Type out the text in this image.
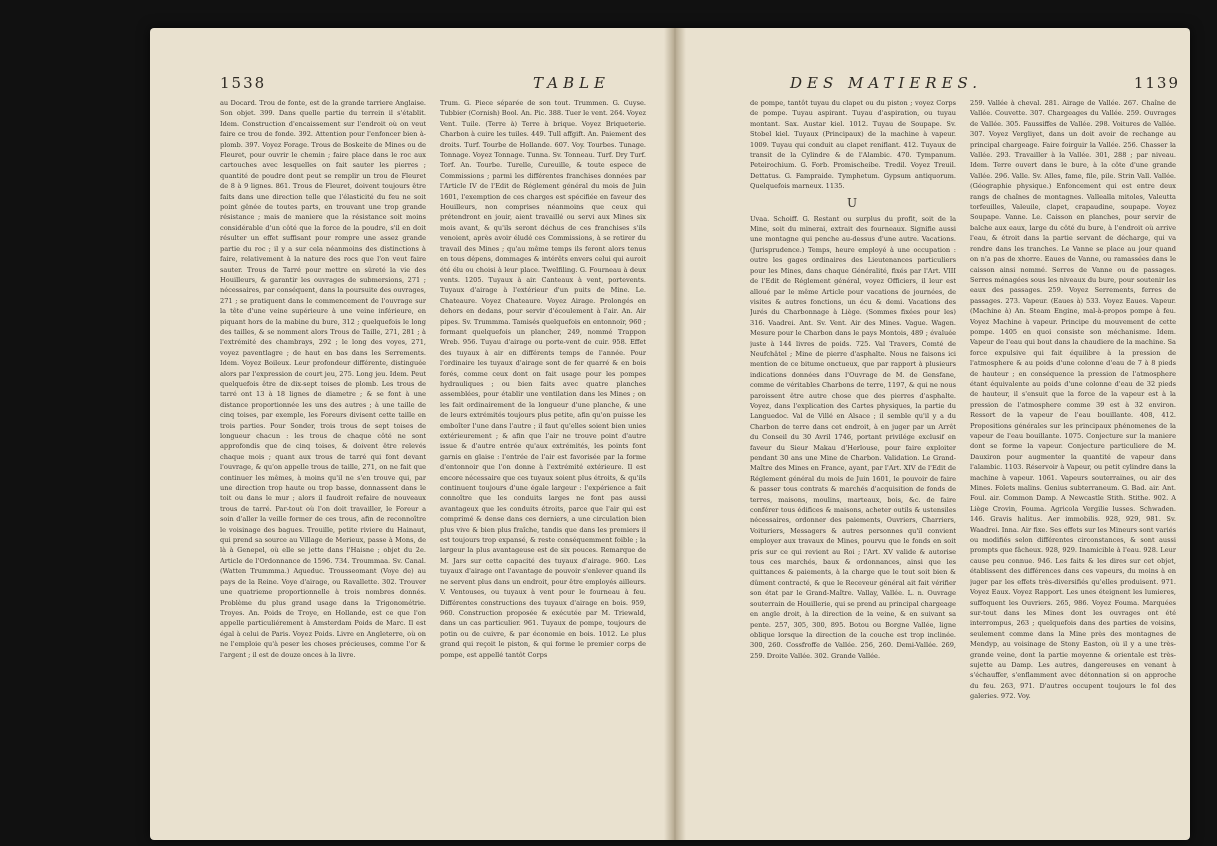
1538	TABLE

au Docard. Trou de fonte, est de la grande tarriere Anglaise. Son objet. 399. Dans quelle partie du terrein il s'établit. Idem. Construction d'encaissement sur l'endroit où on veut faire ce trou de fonde. 392. Attention pour l'enfoncer bien à-plomb. 397. Voyez Forage. Trous de Boskeite de Mines ou de Fleuret, pour ouvrir le chemin ; faire place dans le roc aux cartouches avec lesquelles on fait sauter les pierres ; quantité de poudre dont peut se remplir un trou de Fleuret de 8 à 9 lignes. 861. Trous de Fleuret, doivent toujours être faits dans une direction telle que l'élasticité du feu ne soit point gênée de toutes parts, en trouvant une trop grande résistance ; mais de maniere que la résistance soit moins considérable d'un côté que la force de la poudre, s'il en doit résulter un effet suffisant pour rompre une assez grande partie du roc ; il y a sur cela néanmoins des distinctions à faire, relativement à la nature des rocs que l'on veut faire sauter. Trous de Tarré pour mettre en sûreté la vie des Houilleurs, & garantir les ouvrages de submersions, 271 ; nécessaires, par conséquent, dans la poursuite des ouvrages, 271 ; se pratiquent dans le commencement de l'ouvrage sur la tête d'une veine supérieure à une veine inférieure, en piquant hors de la mabine du bure, 312 ; quelquefois le long des tailles, & se nomment alors Trous de Taille, 271, 281 ; à l'extrémité des chambrays, 292 ; le long des voyes, 271, voyez paventlagre ; de haut en bas dans les Serrements. Idem. Voyez Boileux. Leur profondeur différente, distinguée alors par l'expression de court jeu, 275. Long jeu. Idem. Peut quelquefois être de dix-sept toises de plomb. Les trous de tarré ont 13 à 18 lignes de diametre ; & se font à une distance proportionnée les uns des autres ; à une taille de cinq toises, par exemple, les Foreurs divisent cette taille en trois parties. Pour Sonder, trois trous de sept toises de longueur chacun : les trous de chaque côté ne sont approfondis que de cinq toises, & doivent être relevés chaque mois ; quant aux trous de tarré qui font devant l'ouvrage, & qu'on appelle trous de taille, 271, on ne fait que continuer les mêmes, à moins qu'il ne s'en trouve qui, par une direction trop haute ou trop basse, donnassent dans le toit ou dans le mur ; alors il faudroit refaire de nouveaux trous de tarré. Par-tout où l'on doit travailler, le Foreur a soin d'aller la veille former de ces trous, afin de reconnoître le voisinage des bagues. Trouille, petite riviere du Hainaut, qui prend sa source au Village de Merieux, passe à Mons, de là à Genepel, où elle se jette dans l'Haisne ; objet du 2e. Article de l'Ordonnance de 1596. 734. Troummaa. Sv. Canal. (Watten Trummma.) Aqueduc. Trousseomant (Voye de) au pays de la Reine. Voye d'airage, ou Ravallette. 302. Trouver une quatrieme proportionnelle à trois nombres donnés. Problème du plus grand usage dans la Trigonométrie. Troyes. An. Poids de Troye, en Hollande, est ce que l'on appelle particuliérement à Amsterdam Poids de Marc. Il est égal à celui de Paris. Voyez Poids. Livre en Angleterre, où on ne l'emploie qu'à peser les choses précieuses, comme l'or & l'argent ; il est de douze onces à la livre.

Trum. G. Piece séparée de son tout. Trummen. G. Cuyse. Tubbier (Cornish) Bool. An. Pic. 388. Tuer le vent. 264. Voyez Vent. Tuile. (Terre à) Terre à brique. Voyez Briqueterie. Charbon à cuire les tuiles. 449. Tull affgift. An. Paiement des droits. Turf. Tourbe de Hollande. 607. Voy. Tourbes. Tunage. Tonnage. Voyez Tonnage. Tunna. Sv. Tonneau. Turf. Dry Turf. Torf. An. Tourbe. Turelle, Cureuille, & toute espece de Commissions ; parmi les différentes franchises données par l'Article IV de l'Edit de Réglement général du mois de Juin 1601, l'exemption de ces charges est spécifiée en faveur des Houilleurs, non comprises néanmoins que ceux qui prétendront en jouir, aient travaillé ou servi aux Mines six mois avant, & qu'ils seront déchus de ces franchises s'ils venoient, après avoir éludé ces Commissions, à se retirer du travail des Mines ; qu'au même temps ils feront alors tenus en tous dépens, dommages & intérêts envers celui qui auroit été élu ou choisi à leur place. Twelfiling. G. Fourneau à deux vents. 1205. Tuyaux à air. Canteaux à vent, portevents. Tuyaux d'airage à l'extérieur d'un puits de Mine. Le. Chateaure. Voyez Chateaure. Voyez Airage. Prolongés en dehors en dedans, pour servir d'écoulement à l'air. An. Air pipes. Sv. Trummma. Tamisés quelquefois en entonnoir, 960 ; formant quelquefois un plancher, 249, nommé Trappon Wreb. 956. Tuyau d'airage ou porte-vent de cuir. 958. Effet des tuyaux à air en différents temps de l'année. Pour l'ordinaire les tuyaux d'airage sont de fer quarré & en bois forés, comme ceux dont on fait usage pour les pompes hydrauliques ; ou bien faits avec quatre planches assemblées, pour établir une ventilation dans les Mines ; on les fait ordinairement de la longueur d'une planche, & une de leurs extrémités toujours plus petite, afin qu'on puisse les emboîter l'une dans l'autre ; il faut qu'elles soient bien unies extérieurement ; & afin que l'air ne trouve point d'autre issue & d'autre entrée qu'aux extrémités, les points font garnis en glaise : l'entrée de l'air est favorisée par la forme d'entonnoir que l'on donne à l'extrémité extérieure. Il est encore nécessaire que ces tuyaux soient plus étroits, & qu'ils continuent toujours d'une égale largeur : l'expérience a fait connoître que les conduits larges ne font pas aussi avantageux que les conduits étroits, parce que l'air qui est comprimé & dense dans ces derniers, a une circulation bien plus vive & bien plus fraîche, tandis que dans les premiers il est toujours trop expansé, & reste conséquemment foible ; la largeur la plus avantageuse est de six pouces. Remarque de M. Jars sur cette capacité des tuyaux d'airage. 960. Les tuyaux d'airage ont l'avantage de pouvoir s'enlever quand ils ne servent plus dans un endroit, pour être employés ailleurs. V. Ventouses, ou tuyaux à vent pour le fourneau à feu. Différentes constructions des tuyaux d'airage en bois. 959, 960. Construction proposée & exécutée par M. Triewald, dans un cas particulier. 961. Tuyaux de pompe, toujours de potin ou de cuivre, & par économie en bois. 1012. Le plus grand qui reçoit le piston, & qui forme le premier corps de pompe, est appellé tantôt Corps

DES MATIERES.	1139

de pompe, tantôt tuyau du clapet ou du piston ; voyez Corps de pompe. Tuyau aspirant. Tuyau d'aspiration, ou tuyau montant. Sax. Austar kiel. 1012. Tuyau de Soupape. Sv. Stobel kiel. Tuyaux (Principaux) de la machine à vapeur. 1009. Tuyau qui conduit au clapet reniflant. 412. Tuyaux de transit de la Cylindre & de l'Alambic. 470. Tympanum. Peteirochium. G. Forb. Promischeibe. Tredil. Voyez Treuil. Dettatus. G. Fampraide. Tymphetum. Gypsum antiquorum. Quelquefois marneux. 1135.

U

Uvaa. Schoiff. G. Restant ou surplus du profit, soit de la Mine, soit du minerai, extrait des fourneaux. Signifie aussi une montagne qui penche au-dessus d'une autre. Vacations. (Jurisprudence.) Temps, heure employé à une occupation : outre les gages ordinaires des Lieutenances particuliers pour les Mines, dans chaque Généralité, fixés par l'Art. VIII de l'Edit de Réglement général, voyez Officiers, il leur est alloué par le même Article pour vacations de journées, de visites & autres fonctions, un écu & demi. Vacations des Jurés du Charbonnage à Liège. (Sommes fixées pour les) 316. Vaadrei. Ant. Sv. Vent. Air des Mines. Vague. Wagen. Mesure pour le Charbon dans le pays Montois, 489 ; évaluée juste à 144 livres de poids. 725. Val Travers, Comté de Neufchâtel ; Mine de pierre d'asphalte. Nous ne faisons ici mention de ce bitume onctueux, que par rapport à plusieurs indications données dans l'Ouvrage de M. de Gensfane, comme de véritables Charbons de terre, 1197, & qui ne nous paroissent être autre chose que des pierres d'asphalte. Voyez, dans l'explication des Cartes physiques, la partie du Languedoc. Val de Villé en Alsace ; il semble qu'il y a du Charbon de terre dans cet endroit, à en juger par un Arrêt du Conseil du 30 Avril 1746, portant privilége exclusif en faveur du Sieur Makau d'Herlouse, pour faire exploiter pendant 30 ans une Mine de Charbon. Validation. Le Grand-Maître des Mines en France, ayant, par l'Art. XIV de l'Edit de Réglement général du mois de Juin 1601, le pouvoir de faire & passer tous contrats & marchés d'acquisition de fonds de terres, maisons, moulins, marteaux, bois, &c. de faire conférer tous édifices & maisons, acheter outils & ustensiles nécessaires, ordonner des paiements, Ouvriers, Charriers, Voituriers, Messagers & autres personnes qu'il convient employer aux travaux de Mines, pourvu que le fonds en soit pris sur ce qui revient au Roi ; l'Art. XV valide & autorise tous ces marchés, baux & ordonnances, ainsi que les quittances & paiements, à la charge que le tout soit bien & dûment contracté, & que le Receveur général ait fait vérifier son état par le Grand-Maître. Vallay, Vallée. L. n. Ouvrage souterrain de Houillerie, qui se prend au principal chargeage en angle droit, à la direction de la veine, & en suivant sa pente. 257, 305, 300, 895. Botou ou Borgne Vallée, ligne oblique lorsque la direction de la couche est trop inclinée. 300, 260. Cossfroffe de Vallée. 256, 260. Demi-Vallée. 269, 259. Droite Vallée. 302. Grande Vallée.

259. Vallée à cheval. 281. Airage de Vallée. 267. Chaîne de Vallée. Couvette. 307. Chargeages du Vallée. 259. Ouvrages de Vallée. 305. Faussiffes de Vallée. 298. Voitures de Vallée. 307. Voyez Vergliyet, dans un doit avoir de rechange au principal chargeage. Faire foirguir la Vallée. 256. Chasser la Vallée. 293. Travailler à la Vallée. 301, 288 ; par niveau. Idem. Terre ouvert dans le bure, à la côte d'une grande Vallée. 296. Valle. Sv. Alles, fame, file, pile. Strin Vall. Vallée. (Géographie physique.) Enfoncement qui est entre deux rangs de chaînes de montagnes. Vallealla mitoles, Valeutta torfeuilles, Valeuile, clapet, crapaudine, soupape. Voyez Soupape. Vanne. Le. Caisson en planches, pour servir de balche aux eaux, large du côté du bure, à l'endroit où arrive l'eau, & étroit dans la partie servant de décharge, qui va rendre dans les tranches. Le Vanne se place au jour quand on n'a pas de xhorre. Eaues de Vanne, ou ramassées dans le caisson ainsi nommé. Serres de Vanne ou de passages. Serres ménagées sous les niveaux du bure, pour soutenir les eaux des passages. 259. Voyez Serrements, ferres de passages. 273. Vapeur. (Eaues à) 533. Voyez Eaues. Vapeur. (Machine à) An. Steam Engine, mal-à-propos pompe à feu. Voyez Machine à vapeur. Principe du mouvement de cette pompe. 1405 en quoi consiste son méchanisme. Idem. Vapeur de l'eau qui bout dans la chaudiere de la machine. Sa force expulsive qui fait équilibre à la pression de l'atmosphere & au poids d'une colonne d'eau de 7 à 8 pieds de hauteur ; en conséquence la pression de l'atmosphere étant équivalente au poids d'une colonne d'eau de 32 pieds de hauteur, il s'ensuit que la force de la vapeur est à la pression de l'atmosphere comme 39 est à 32 environ. Ressort de la vapeur de l'eau bouillante. 408, 412. Propositions générales sur les principaux phénomenes de la vapeur de l'eau bouillante. 1075. Conjecture sur la maniere dont se forme la vapeur. Conjecture particuliere de M. Dauxiron pour augmenter la quantité de vapeur dans l'alambic. 1103. Réservoir à Vapeur, ou petit cylindre dans la machine à vapeur. 1061. Vapeurs souterraines, ou air des Mines. Folets malins. Genius subterraneum. G. Bad. air. Ant. Foul. air. Common Damp. A Newcastle Stith. Stithe. 902. A Liège Crovin, Fouma. Agricola Vergilie lusses. Schwaden. 146. Gravis halitus. Aer immobilis. 928, 929, 981. Sv. Waadrei. Inna. Air fixe. Ses effets sur les Mineurs sont variés ou modifiés selon différentes circonstances, & sont aussi prompts que fâcheux. 928, 929. Inamicible à l'eau. 928. Leur cause peu connue. 946. Les faits & les dires sur cet objet, établissent des différences dans ces vapeurs, du moins à en juger par les effets très-diversifiés qu'elles produisent. 971. Voyez Eaux. Voyez Rapport. Les unes éteignent les lumieres, suffoquent les Ouvriers. 265, 986. Voyez Fouma. Marquées sur-tout dans les Mines dont les ouvrages ont été interrompus, 263 ; quelquefois dans des parties de voisins, seulement comme dans la Mine près des montagnes de Mendyp, au voisinage de Stony Easton, où il y a une très-grande veine, dont la partie moyenne & orientale est très-sujette au Damp. Les autres, dangereuses en venant à s'échauffer, s'enflamment avec détonnation si on approche du feu. 263, 971. D'autres occupent toujours le fol des galeries. 972. Voy.
